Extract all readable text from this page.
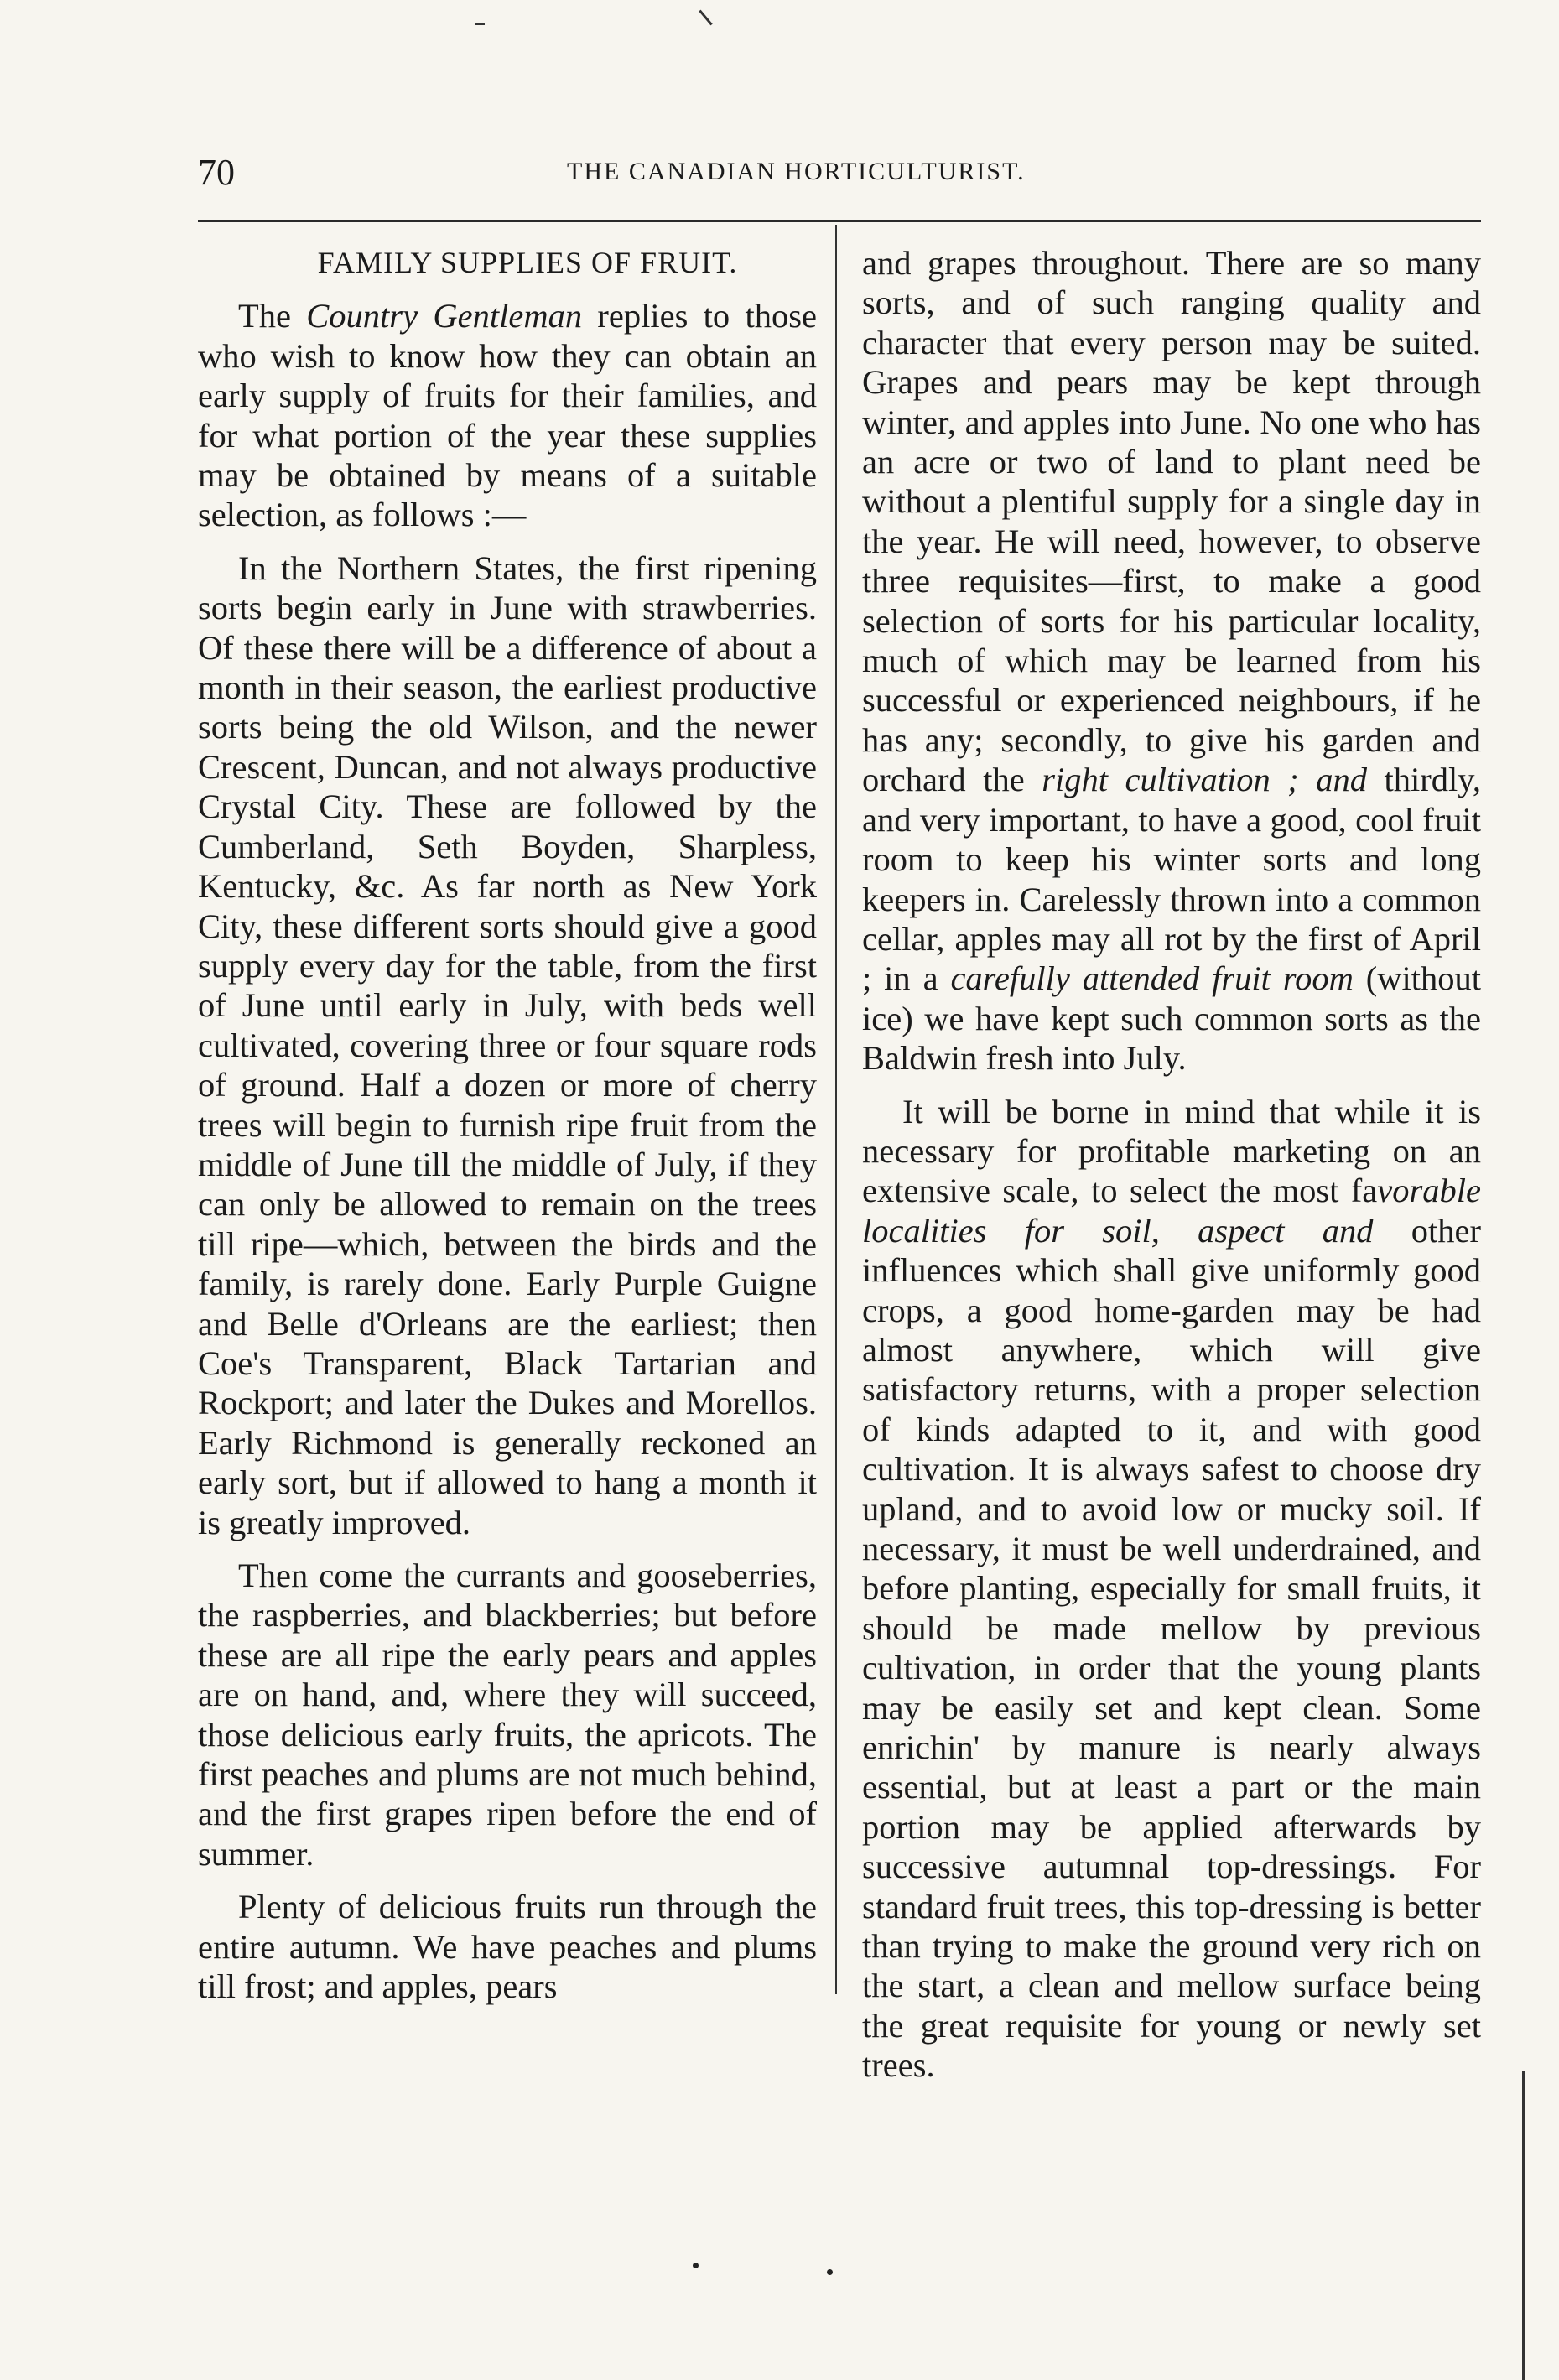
70	THE CANADIAN HORTICULTURIST.

FAMILY SUPPLIES OF FRUIT.

The Country Gentleman replies to those who wish to know how they can obtain an early supply of fruits for their families, and for what portion of the year these supplies may be obtained by means of a suitable selection, as follows :—

In the Northern States, the first ripening sorts begin early in June with strawberries. Of these there will be a difference of about a month in their season, the earliest productive sorts being the old Wilson, and the newer Crescent, Duncan, and not always productive Crystal City. These are followed by the Cumberland, Seth Boyden, Sharpless, Kentucky, &c. As far north as New York City, these different sorts should give a good supply every day for the table, from the first of June until early in July, with beds well cultivated, covering three or four square rods of ground. Half a dozen or more of cherry trees will begin to furnish ripe fruit from the middle of June till the middle of July, if they can only be allowed to remain on the trees till ripe—which, between the birds and the family, is rarely done. Early Purple Guigne and Belle d'Orleans are the earliest; then Coe's Transparent, Black Tartarian and Rockport; and later the Dukes and Morellos. Early Richmond is generally reckoned an early sort, but if allowed to hang a month it is greatly improved.

Then come the currants and gooseberries, the raspberries, and blackberries; but before these are all ripe the early pears and apples are on hand, and, where they will succeed, those delicious early fruits, the apricots. The first peaches and plums are not much behind, and the first grapes ripen before the end of summer.

Plenty of delicious fruits run through the entire autumn. We have peaches and plums till frost; and apples, pears

and grapes throughout. There are so many sorts, and of such ranging quality and character that every person may be suited. Grapes and pears may be kept through winter, and apples into June. No one who has an acre or two of land to plant need be without a plentiful supply for a single day in the year. He will need, however, to observe three requisites—first, to make a good selection of sorts for his particular locality, much of which may be learned from his successful or experienced neighbours, if he has any; secondly, to give his garden and orchard the right cultivation ; and thirdly, and very important, to have a good, cool fruit room to keep his winter sorts and long keepers in. Carelessly thrown into a common cellar, apples may all rot by the first of April ; in a carefully attended fruit room (without ice) we have kept such common sorts as the Baldwin fresh into July.

It will be borne in mind that while it is necessary for profitable marketing on an extensive scale, to select the most favorable localities for soil, aspect and other influences which shall give uniformly good crops, a good home-garden may be had almost anywhere, which will give satisfactory returns, with a proper selection of kinds adapted to it, and with good cultivation. It is always safest to choose dry upland, and to avoid low or mucky soil. If necessary, it must be well underdrained, and before planting, especially for small fruits, it should be made mellow by previous cultivation, in order that the young plants may be easily set and kept clean. Some enrichin' by manure is nearly always essential, but at least a part or the main portion may be applied afterwards by successive autumnal top-dressings. For standard fruit trees, this top-dressing is better than trying to make the ground very rich on the start, a clean and mellow surface being the great requisite for young or newly set trees.
